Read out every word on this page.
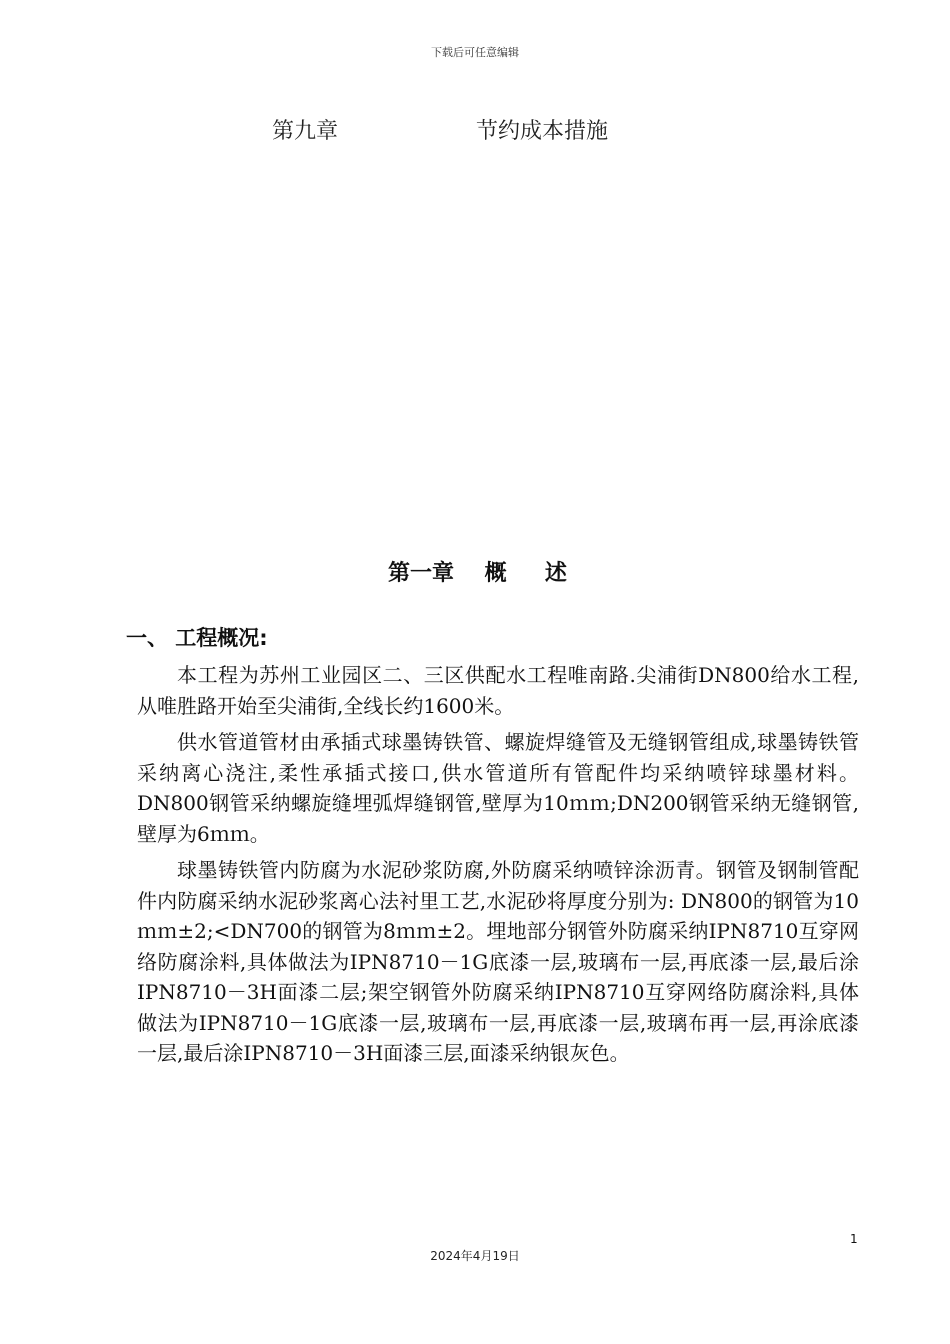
下载后可任意编辑
第九章	节约成本措施
第一章    概     述
一、 工程概况:

本工程为苏州工业园区二、三区供配水工程唯南路.尖浦街DN800给水工程,从唯胜路开始至尖浦街,全线长约1600米。

供水管道管材由承插式球墨铸铁管、螺旋焊缝管及无缝钢管组成,球墨铸铁管采纳离心浇注,柔性承插式接口,供水管道所有管配件均采纳喷锌球墨材料。DN800钢管采纳螺旋缝埋弧焊缝钢管,壁厚为10ｍｍ;DN200钢管采纳无缝钢管,壁厚为6ｍｍ。

球墨铸铁管内防腐为水泥砂浆防腐,外防腐采纳喷锌涂沥青。钢管及钢制管配件内防腐采纳水泥砂浆离心法衬里工艺,水泥砂将厚度分别为: DN800的钢管为10ｍｍ±2;<DN700的钢管为8ｍｍ±2。埋地部分钢管外防腐采纳IPN8710互穿网络防腐涂料,具体做法为IPN8710－1G底漆一层,玻璃布一层,再底漆一层,最后涂IPN8710－3H面漆二层;架空钢管外防腐采纳IPN8710互穿网络防腐涂料,具体做法为IPN8710－1G底漆一层,玻璃布一层,再底漆一层,玻璃布再一层,再涂底漆一层,最后涂IPN8710－3H面漆三层,面漆采纳银灰色。

1
2024年4月19日
